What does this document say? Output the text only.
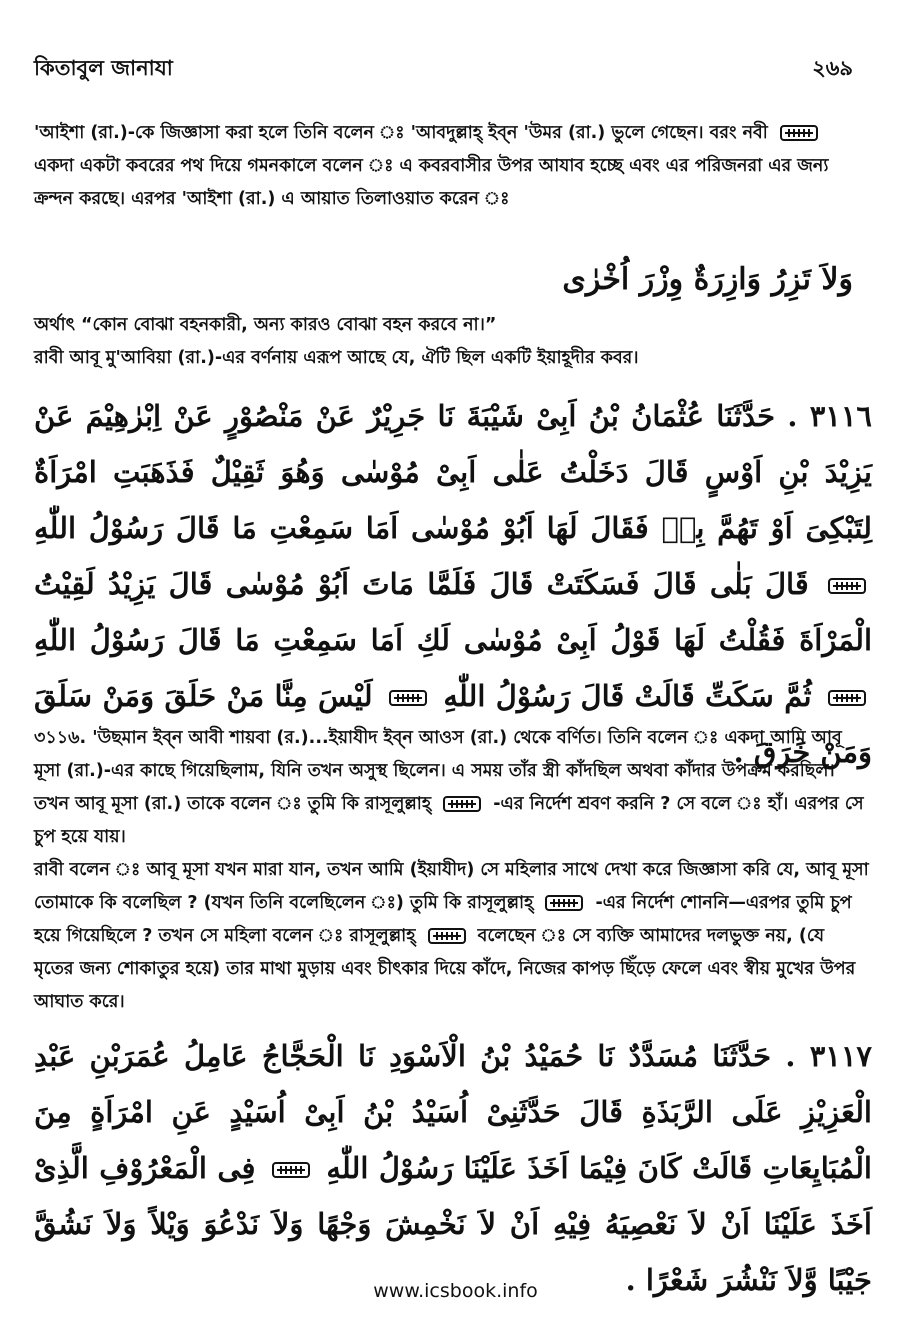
কিতাবুল জানাযা	২৬৯

'আইশা (রা.)-কে জিজ্ঞাসা করা হলে তিনি বলেন ঃ 'আবদুল্লাহ্ ইব্ন 'উমর (রা.) ভুলে গেছেন। বরং নবী
একদা একটা কবরের পথ দিয়ে গমনকালে বলেন ঃ এ কবরবাসীর উপর আযাব হচ্ছে এবং এর পরিজনরা এর জন্য ক্রন্দন করছে। এরপর 'আইশা (রা.) এ আয়াত তিলাওয়াত করেন ঃ

وَلاَ تَزِرُ وَازِرَةٌ وِزْرَ اُخْرٰى

অর্থাৎ “কোন বোঝা বহনকারী, অন্য কারও বোঝা বহন করবে না।”

রাবী আবূ মু'আবিয়া (রা.)-এর বর্ণনায় এরূপ আছে যে, ঐটি ছিল একটি ইয়াহূদীর কবর।

٣١١٦ . حَدَّثَنَا عُثْمَانُ بْنُ اَبِىْ شَيْبَةَ نَا جَرِيْرٌ عَنْ مَنْصُوْرٍ عَنْ اِبْرٰهِيْمَ عَنْ يَزِيْدَ بْنِ اَوْسٍ قَالَ دَخَلْتُ عَلٰى اَبِىْ مُوْسٰى وَهُوَ ثَقِيْلٌ فَذَهَبَتِ امْرَاَةٌ لِتَبْكِىَ اَوْ تَهُمَّ بِهٖ فَقَالَ لَهَا اَبُوْ مُوْسٰى اَمَا سَمِعْتِ مَا قَالَ رَسُوْلُ اللّٰهِ
قَالَ بَلٰى قَالَ فَسَكَتَتْ قَالَ فَلَمَّا مَاتَ اَبُوْ مُوْسٰى قَالَ يَزِيْدُ لَقِيْتُ الْمَرْاَةَ فَقُلْتُ لَهَا قَوْلُ اَبِىْ مُوْسٰى لَكِ اَمَا سَمِعْتِ مَا قَالَ رَسُوْلُ اللّٰهِ
ثُمَّ سَكَتِّ قَالَتْ قَالَ رَسُوْلُ اللّٰهِ
لَيْسَ مِنَّا مَنْ حَلَقَ وَمَنْ سَلَقَ وَمَنْ خَرَقَ .

৩১১৬. 'উছমান ইব্ন আবী শায়বা (র.)...ইয়াযীদ ইব্ন আওস (রা.) থেকে বর্ণিত। তিনি বলেন ঃ একদা আমি আবূ মূসা (রা.)-এর কাছে গিয়েছিলাম, যিনি তখন অসুস্থ ছিলেন। এ সময় তাঁর স্ত্রী কাঁদছিল অথবা কাঁদার উপক্রম করছিল। তখন আবূ মূসা (রা.) তাকে বলেন ঃ তুমি কি রাসূলুল্লাহ্	-এর নির্দেশ শ্রবণ করনি ? সে বলে ঃ হাঁ। এরপর সে চুপ হয়ে যায়।

রাবী বলেন ঃ আবূ মূসা যখন মারা যান, তখন আমি (ইয়াযীদ) সে মহিলার সাথে দেখা করে জিজ্ঞাসা করি যে, আবূ মূসা তোমাকে কি বলেছিল ? (যখন তিনি বলেছিলেন ঃ) তুমি কি রাসূলুল্লাহ্	-এর নির্দেশ শোননি—এরপর তুমি চুপ হয়ে গিয়েছিলে ? তখন সে মহিলা বলেন ঃ রাসূলুল্লাহ্	বলেছেন ঃ সে ব্যক্তি আমাদের দলভুক্ত নয়, (যে মৃতের জন্য শোকাতুর হয়ে) তার মাথা মুড়ায় এবং চীৎকার দিয়ে কাঁদে, নিজের কাপড় ছিঁড়ে ফেলে এবং স্বীয় মুখের উপর আঘাত করে।

٣١١٧ . حَدَّثَنَا مُسَدَّدٌ نَا حُمَيْدُ بْنُ الْاَسْوَدِ نَا الْحَجَّاجُ عَامِلُ عُمَرَبْنِ عَبْدِ الْعَزِيْزِ عَلَى الرَّبَذَةِ قَالَ حَدَّثَنِىْ اُسَيْدُ بْنُ اَبِىْ اُسَيْدٍ عَنِ امْرَاَةٍ مِنَ الْمُبَايِعَاتِ قَالَتْ كَانَ فِيْمَا اَخَذَ عَلَيْنَا رَسُوْلُ اللّٰهِ
فِى الْمَعْرُوْفِ الَّذِىْ اَخَذَ عَلَيْنَا اَنْ لاَ نَعْصِيَهُ فِيْهِ اَنْ لاَ نَخْمِشَ وَجْهًا وَلاَ نَدْعُوَ وَيْلاً وَلاَ نَشُقَّ جَيْبًا وَّلاَ نَنْشُرَ شَعْرًا .

www.icsbook.info
